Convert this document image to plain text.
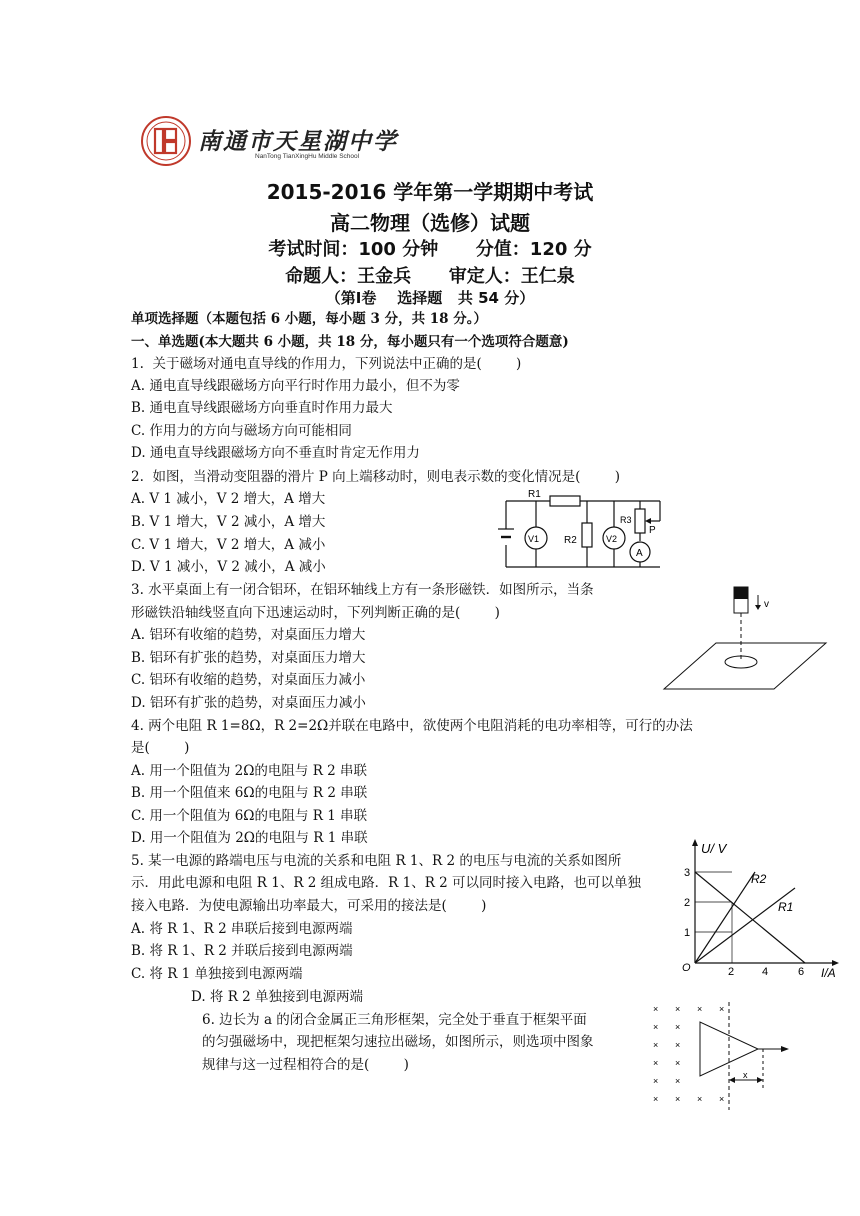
南通市天星湖中学
NanTong TianXingHu Middle School
2015-2016 学年第一学期期中考试
高二物理（选修）试题
考试时间：100 分钟      分值：120 分
命题人：王金兵      审定人：王仁泉
（第Ⅰ卷    选择题   共 54 分）
单项选择题（本题包括 6 小题，每小题 3 分，共 18 分。）
一、单选题(本大题共 6 小题，共 18 分，每小题只有一个选项符合题意)
1.  关于磁场对通电直导线的作用力，下列说法中正确的是(        )
A. 通电直导线跟磁场方向平行时作用力最小，但不为零
B. 通电直导线跟磁场方向垂直时作用力最大
C. 作用力的方向与磁场方向可能相同
D. 通电直导线跟磁场方向不垂直时肯定无作用力
2.  如图，当滑动变阻器的滑片 P 向上端移动时，则电表示数的变化情况是(        )
A. V 1 减小，V 2 增大，A 增大
B. V 1 增大，V 2 减小，A 增大
C. V 1 增大，V 2 增大，A 减小
D. V 1 减小，V 2 减小，A 减小
R1
V1 R2	V2
R3
P
A
3. 水平桌面上有一闭合铝环，在铝环轴线上方有一条形磁铁．如图所示，当条
形磁铁沿轴线竖直向下迅速运动时，下列判断正确的是(        )
A. 铝环有收缩的趋势，对桌面压力增大
B. 铝环有扩张的趋势，对桌面压力增大
C. 铝环有收缩的趋势，对桌面压力减小
D. 铝环有扩张的趋势，对桌面压力减小
v
4. 两个电阻 R 1=8Ω，R 2=2Ω并联在电路中，欲使两个电阻消耗的电功率相等，可行的办法
是(        )
A. 用一个阻值为 2Ω的电阻与 R 2 串联
B. 用一个阻值来 6Ω的电阻与 R 2 串联
C. 用一个阻值为 6Ω的电阻与 R 1 串联
D. 用一个阻值为 2Ω的电阻与 R 1 串联
5. 某一电源的路端电压与电流的关系和电阻 R 1、R 2 的电压与电流的关系如图所
示．用此电源和电阻 R 1、R 2 组成电路．R 1、R 2 可以同时接入电路，也可以单独
接入电路．为使电源输出功率最大，可采用的接法是(        )
A. 将 R 1、R 2 串联后接到电源两端
B. 将 R 1、R 2 并联后接到电源两端
C. 将 R 1 单独接到电源两端
D. 将 R 2 单独接到电源两端
U/ V
I/A
O
1
2
3
2	4	6
R2
R1
6. 边长为 a 的闭合金属正三角形框架，完全处于垂直于框架平面
的匀强磁场中，现把框架匀速拉出磁场，如图所示，则选项中图象
规律与这一过程相符合的是(        )
× × × ×
× ×
× ×
× ×
× ×
× × × ×
x
